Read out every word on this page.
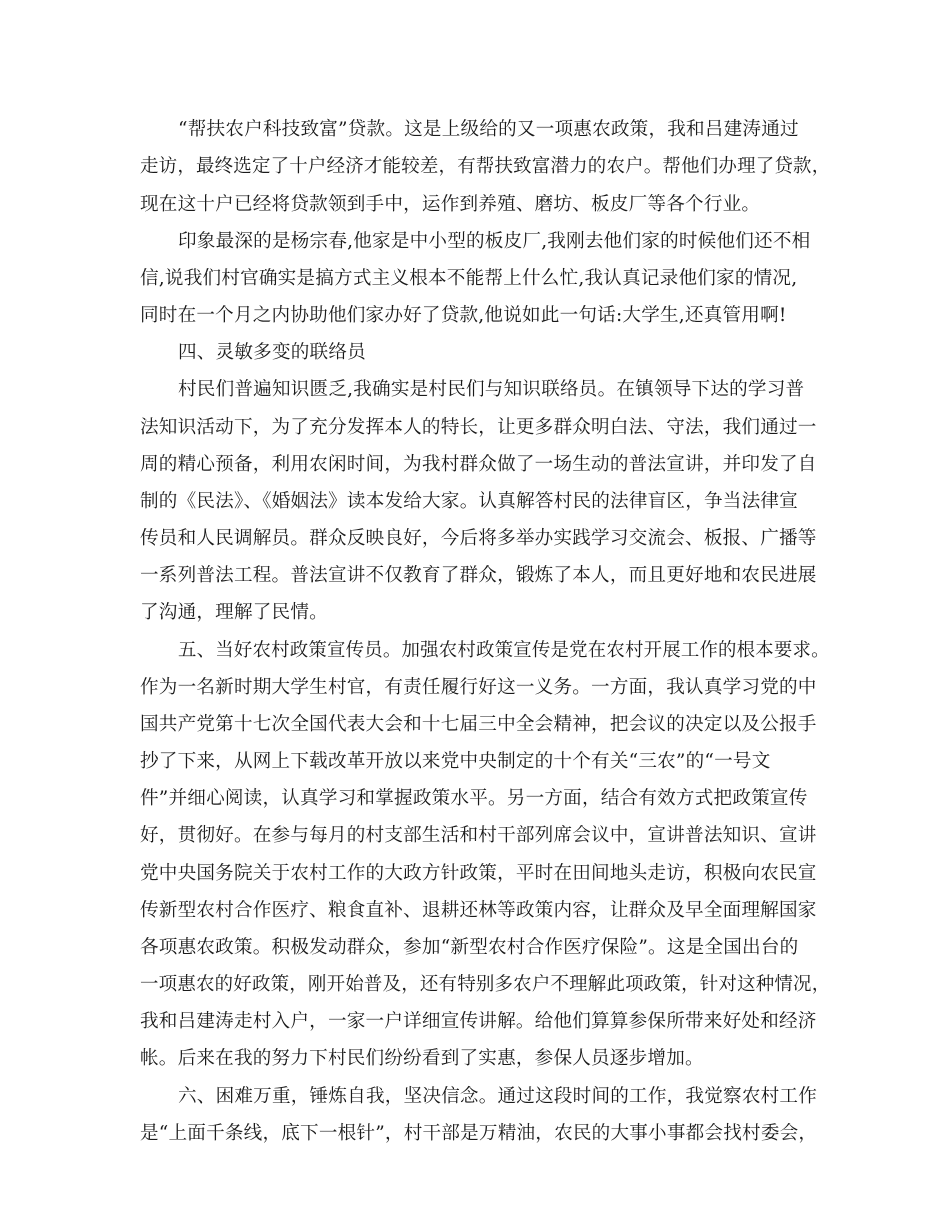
“帮扶农户科技致富”贷款。这是上级给的又一项惠农政策，我和吕建涛通过
走访，最终选定了十户经济才能较差，有帮扶致富潜力的农户。帮他们办理了贷款，
现在这十户已经将贷款领到手中，运作到养殖、磨坊、板皮厂等各个行业。
印象最深的是杨宗春,他家是中小型的板皮厂,我刚去他们家的时候他们还不相
信,说我们村官确实是搞方式主义根本不能帮上什么忙,我认真记录他们家的情况,
同时在一个月之内协助他们家办好了贷款,他说如此一句话:大学生,还真管用啊!
四、灵敏多变的联络员
村民们普遍知识匮乏,我确实是村民们与知识联络员。在镇领导下达的学习普
法知识活动下，为了充分发挥本人的特长，让更多群众明白法、守法，我们通过一
周的精心预备，利用农闲时间，为我村群众做了一场生动的普法宣讲，并印发了自
制的《民法》、《婚姻法》读本发给大家。认真解答村民的法律盲区，争当法律宣
传员和人民调解员。群众反映良好，今后将多举办实践学习交流会、板报、广播等
一系列普法工程。普法宣讲不仅教育了群众，锻炼了本人，而且更好地和农民进展
了沟通，理解了民情。
五、当好农村政策宣传员。加强农村政策宣传是党在农村开展工作的根本要求。
作为一名新时期大学生村官，有责任履行好这一义务。一方面，我认真学习党的中
国共产党第十七次全国代表大会和十七届三中全会精神，把会议的决定以及公报手
抄了下来，从网上下载改革开放以来党中央制定的十个有关“三农”的“一号文
件”并细心阅读，认真学习和掌握政策水平。另一方面，结合有效方式把政策宣传
好，贯彻好。在参与每月的村支部生活和村干部列席会议中，宣讲普法知识、宣讲
党中央国务院关于农村工作的大政方针政策，平时在田间地头走访，积极向农民宣
传新型农村合作医疗、粮食直补、退耕还林等政策内容，让群众及早全面理解国家
各项惠农政策。积极发动群众，参加“新型农村合作医疗保险”。这是全国出台的
一项惠农的好政策，刚开始普及，还有特别多农户不理解此项政策，针对这种情况，
我和吕建涛走村入户，一家一户详细宣传讲解。给他们算算参保所带来好处和经济
帐。后来在我的努力下村民们纷纷看到了实惠，参保人员逐步增加。
六、困难万重，锤炼自我，坚决信念。通过这段时间的工作，我觉察农村工作
是“上面千条线，底下一根针”，村干部是万精油，农民的大事小事都会找村委会，
